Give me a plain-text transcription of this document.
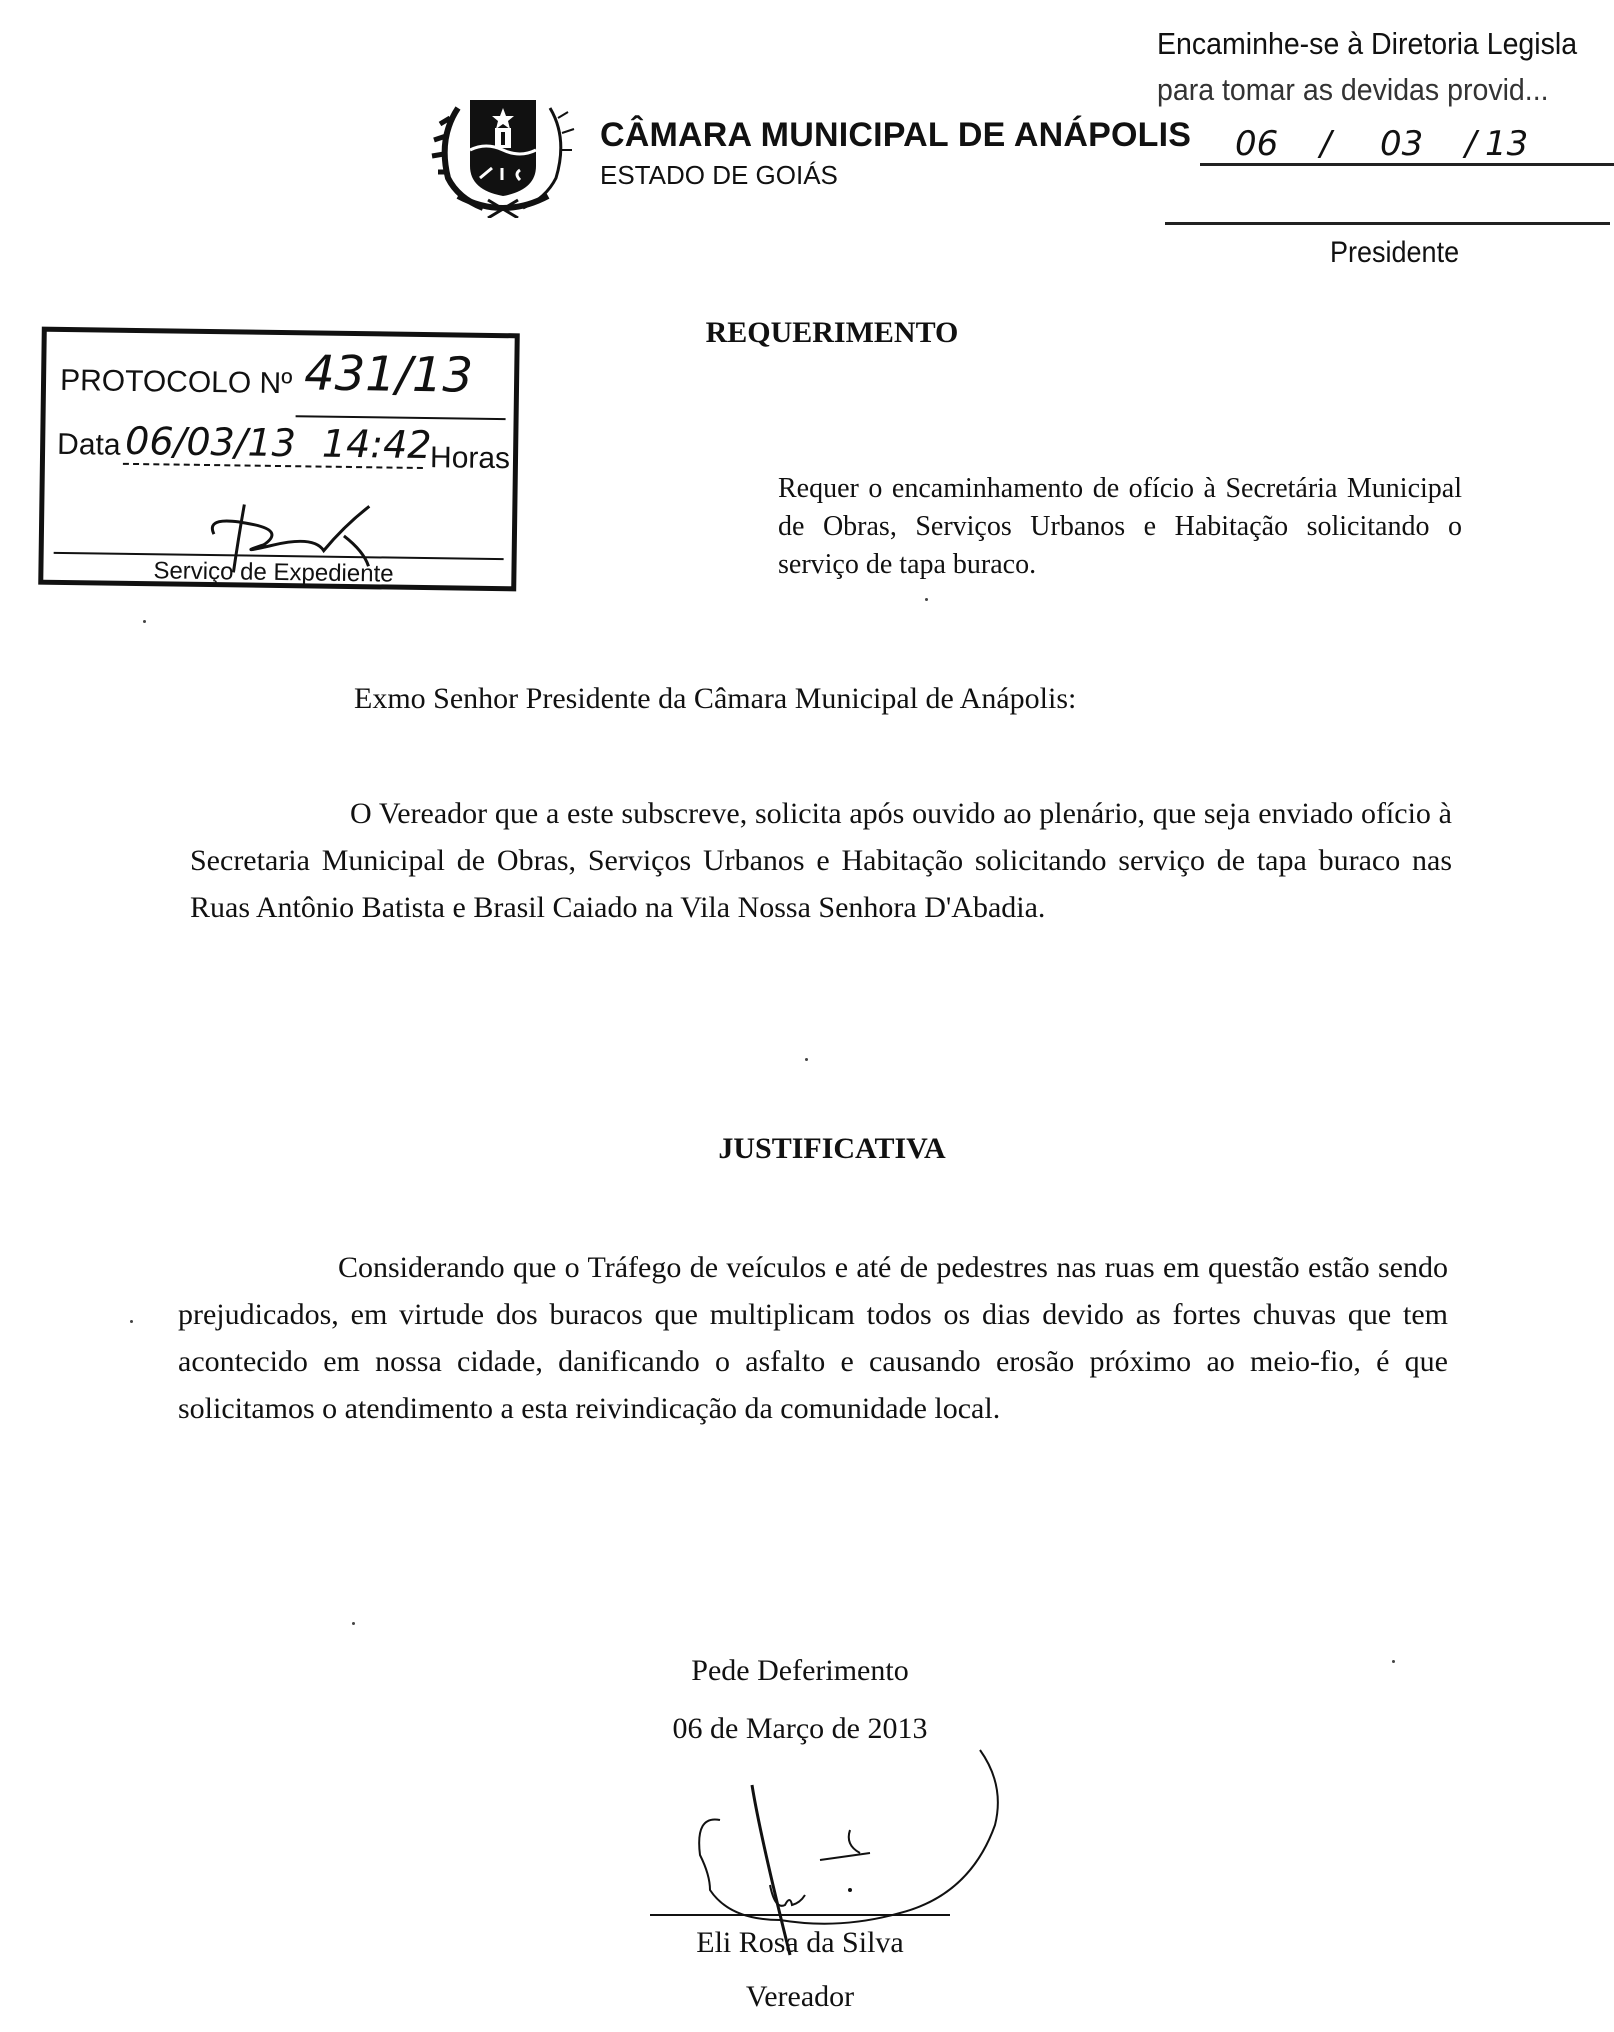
CÂMARA MUNICIPAL DE ANÁPOLIS
ESTADO DE GOIÁS
Encaminhe-se à Diretoria Legisla
para tomar as devidas provid...
06 / 03 / 13
Presidente
PROTOCOLO Nº 431/13
Data 06/03/13 14:42
Horas
Serviço de Expediente
REQUERIMENTO
Requer o encaminhamento de ofício à Secretária Municipal de Obras, Serviços Urbanos e Habitação solicitando o serviço de tapa buraco.
Exmo Senhor Presidente da Câmara Municipal de Anápolis:
O Vereador que a este subscreve, solicita após ouvido ao plenário, que seja enviado ofício à Secretaria Municipal de Obras, Serviços Urbanos e Habitação solicitando serviço de tapa buraco nas Ruas Antônio Batista e Brasil Caiado na Vila Nossa Senhora D'Abadia.
JUSTIFICATIVA
Considerando que o Tráfego de veículos e até de pedestres nas ruas em questão estão sendo prejudicados, em virtude dos buracos que multiplicam todos os dias devido as fortes chuvas que tem acontecido em nossa cidade, danificando o asfalto e causando erosão próximo ao meio-fio, é que solicitamos o atendimento a esta reivindicação da comunidade local.
Pede Deferimento
06 de Março de 2013
Eli Rosa da Silva
Vereador
